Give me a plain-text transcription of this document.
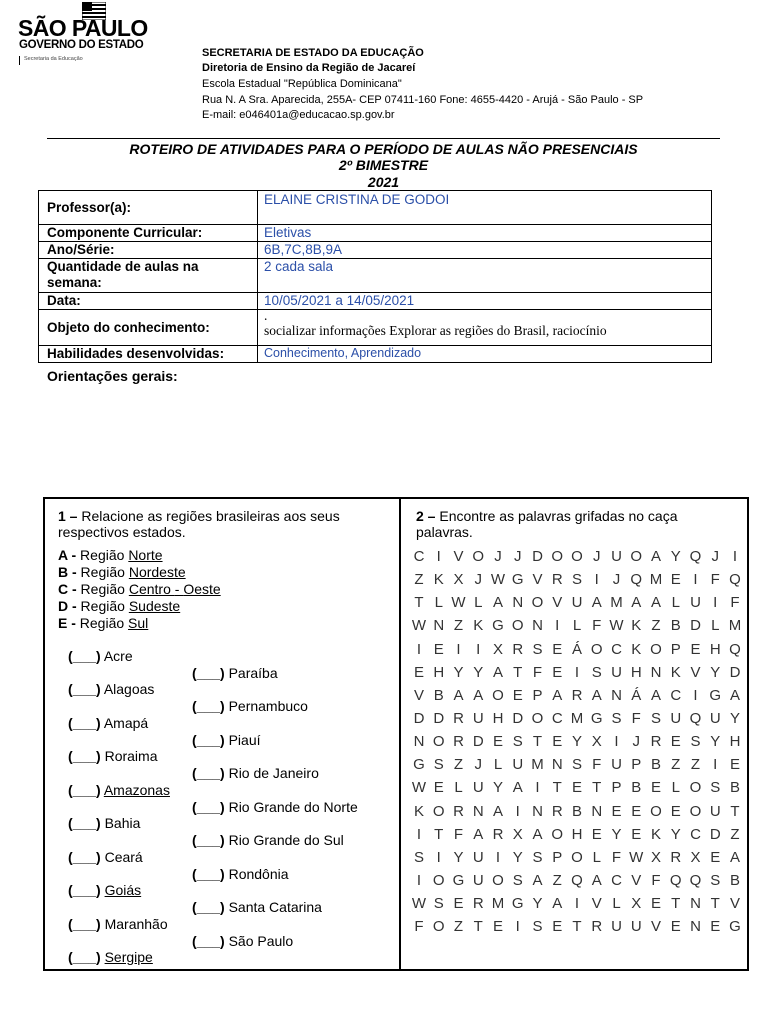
SÃO PAULO
GOVERNO DO ESTADO
Secretaria da Educação	SECRETARIA DE ESTADO DA EDUCAÇÃO
Diretoria de Ensino da Região de Jacareí
Escola Estadual "República Dominicana"
Rua N. A Sra. Aparecida, 255A- CEP 07411-160 Fone: 4655-4420 - Arujá - São Paulo - SP
E-mail: e046401a@educacao.sp.gov.br
ROTEIRO DE ATIVIDADES PARA O PERÍODO DE AULAS NÃO PRESENCIAIS
2º BIMESTRE
2021
Professor(a):	ELAINE CRISTINA DE GODOI
Componente Curricular:	Eletivas
Ano/Série:	6B,7C,8B,9A
Quantidade de aulas na semana:	2 cada sala
Data:	10/05/2021 a 14/05/2021
Objeto do conhecimento:	.
socializar informações Explorar as regiões do Brasil, raciocínio

Habilidades desenvolvidas:	Conhecimento, Aprendizado
Orientações gerais:
1 – Relacione as regiões brasileiras aos seus
respectivos estados.
A - Região Norte
B - Região Nordeste
C - Região Centro - Oeste
D - Região Sudeste
E - Região Sul
(___) Acre
(___) Alagoas
(___) Amapá
(___) Roraima
(___) Amazonas
(___) Bahia
(___) Ceará
(___) Goiás
(___) Maranhão
(___) Sergipe
(___) Paraíba
(___) Pernambuco
(___) Piauí
(___) Rio de Janeiro
(___) Rio Grande do Norte
(___) Rio Grande do Sul
(___) Rondônia
(___) Santa Catarina
(___) São Paulo
2 – Encontre as palavras grifadas no caça
palavras.
C I V O J J D O O J U O A Y Q J I
Z K X J W G V R S I J Q M E I F Q
T L W L A N O V U A M A A L U I F
W N Z K G O N I L F W K Z B D L M
I E I	I X R S E Á O C K O P E H Q
E H Y Y A T F E I S U H N K V Y D
V B A A O E P A R A N Á A C I G A
D D R U H D O C M G S F S U Q U Y
N O R D E S T E Y X I J R E S Y H
G S Z J L U M N S F U P B Z Z I E
W E L U Y A I T E T P B E L O S B
K O R N A I N R B N E E O E O U T
I T F A R X A O H E Y E K Y C D Z
S I Y U I Y S P O L F W X R X E A
I O G U O S A Z Q A C V F Q Q S B
W S E R M G Y A I V L X E T N T V
F O Z T E I S E T R U U V E N E G
